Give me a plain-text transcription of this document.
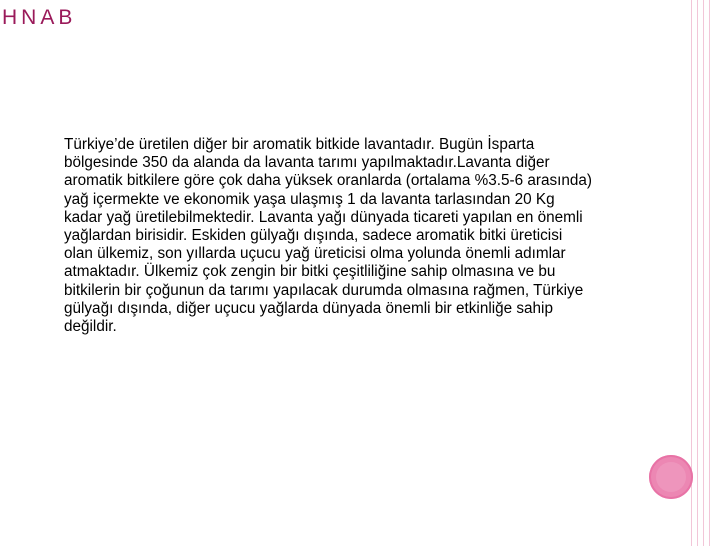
HNAB
Türkiye’de üretilen diğer bir aromatik bitkide lavantadır. Bugün İsparta
bölgesinde 350 da alanda da lavanta tarımı yapılmaktadır.Lavanta diğer
aromatik bitkilere göre çok daha yüksek oranlarda (ortalama %3.5-6 arasında)
yağ içermekte ve ekonomik yaşa ulaşmış 1 da lavanta tarlasından 20 Kg
kadar yağ üretilebilmektedir. Lavanta yağı dünyada ticareti yapılan en önemli
yağlardan birisidir. Eskiden gülyağı dışında, sadece aromatik bitki üreticisi
olan ülkemiz, son yıllarda uçucu yağ üreticisi olma yolunda önemli adımlar
atmaktadır. Ülkemiz çok zengin bir bitki çeşitliliğine sahip olmasına ve bu
bitkilerin bir çoğunun da tarımı yapılacak durumda olmasına rağmen, Türkiye
gülyağı dışında, diğer uçucu yağlarda dünyada önemli bir etkinliğe sahip
değildir.
